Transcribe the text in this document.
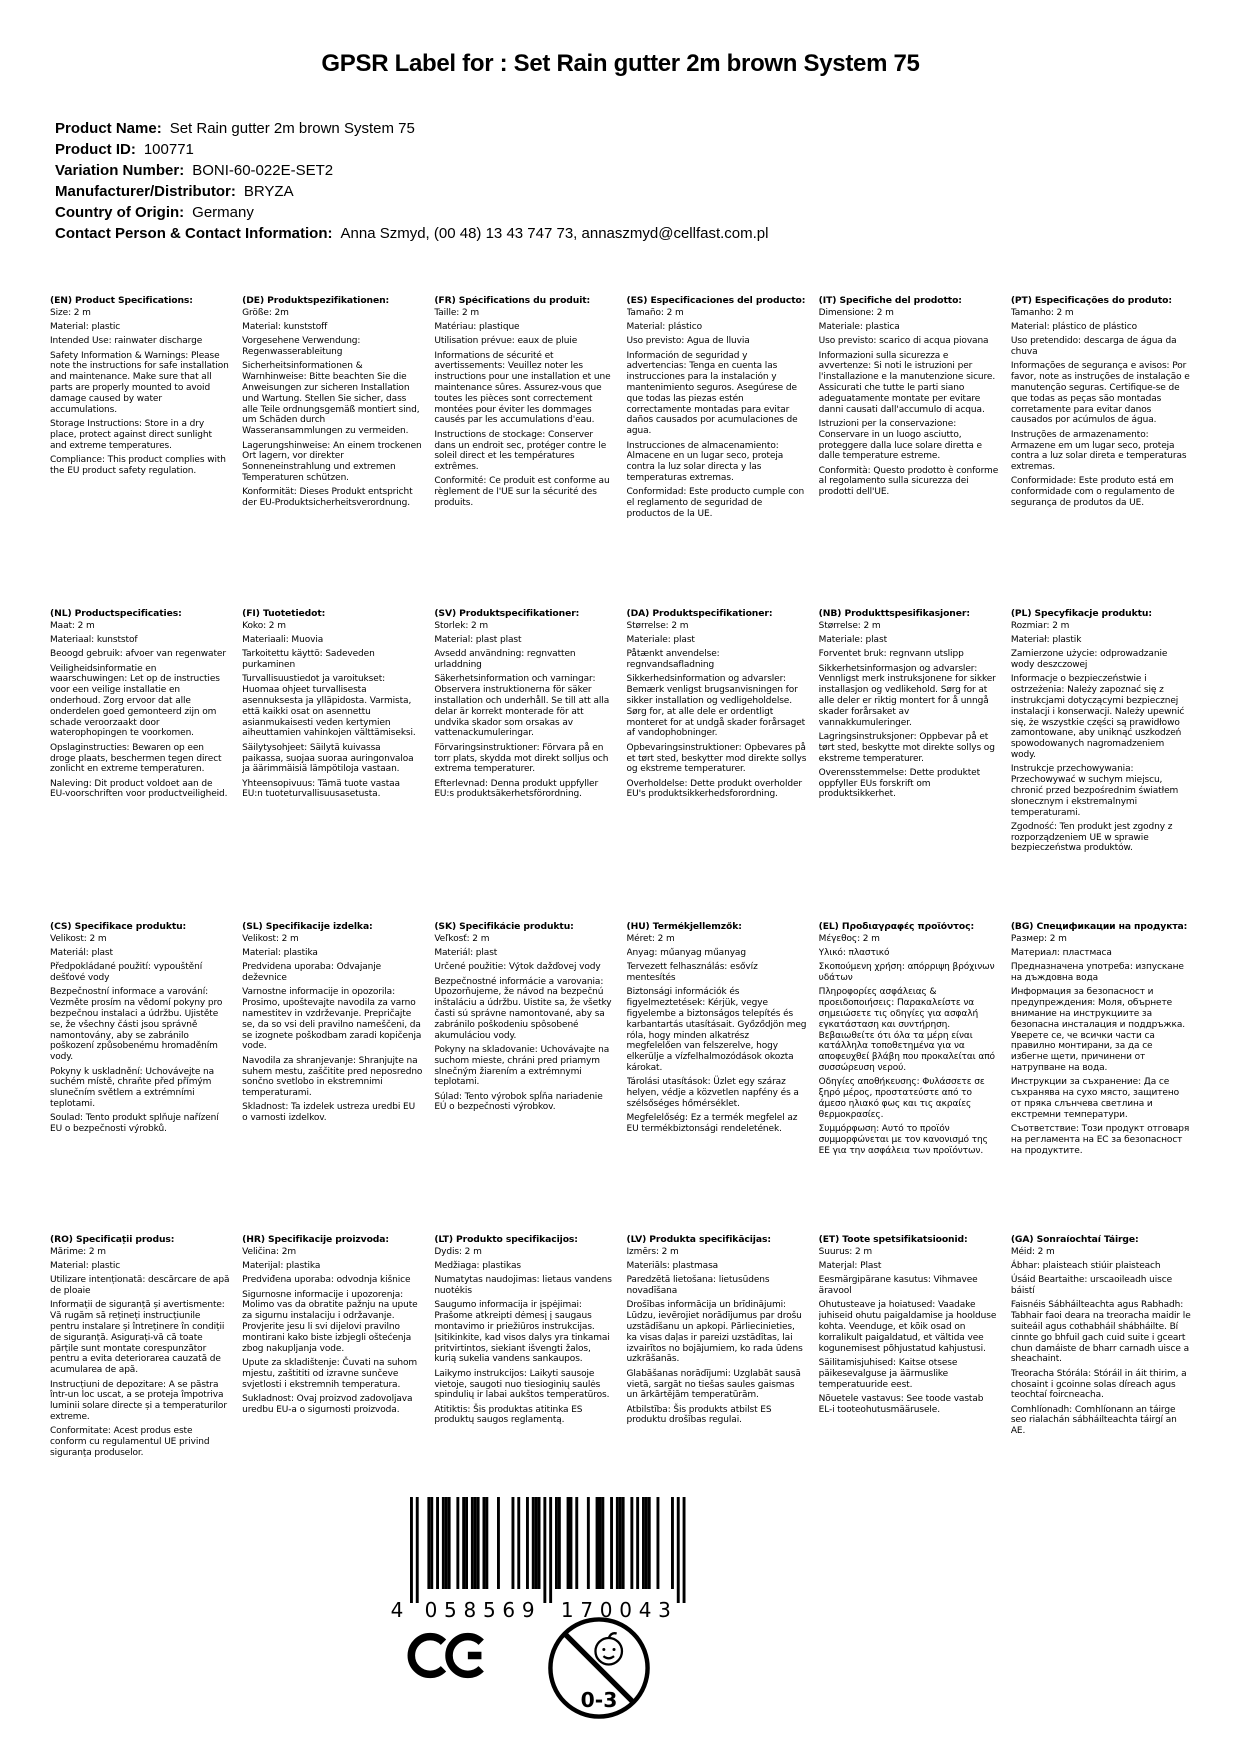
GPSR Label for : Set Rain gutter 2m brown System 75
Product Name: Set Rain gutter 2m brown System 75
Product ID: 100771
Variation Number: BONI-60-022E-SET2
Manufacturer/Distributor: BRYZA
Country of Origin: Germany
Contact Person & Contact Information: Anna Szmyd, (00 48) 13 43 747 73, annaszmyd@cellfast.com.pl
(EN) Product Specifications:

Size: 2 m

Material: plastic

Intended Use: rainwater discharge

Safety Information & Warnings: Please note the instructions for safe installation and maintenance. Make sure that all parts are properly mounted to avoid damage caused by water accumulations.

Storage Instructions: Store in a dry place, protect against direct sunlight and extreme temperatures.

Compliance: This product complies with the EU product safety regulation.

(DE) Produktspezifikationen:

Größe: 2m

Material: kunststoff

Vorgesehene Verwendung: Regenwasserableitung

Sicherheitsinformationen & Warnhinweise: Bitte beachten Sie die Anweisungen zur sicheren Installation und Wartung. Stellen Sie sicher, dass alle Teile ordnungsgemäß montiert sind, um Schäden durch Wasseransammlungen zu vermeiden.

Lagerungshinweise: An einem trockenen Ort lagern, vor direkter Sonneneinstrahlung und extremen Temperaturen schützen.

Konformität: Dieses Produkt entspricht der EU-Produktsicherheitsverordnung.

(FR) Spécifications du produit:

Taille: 2 m

Matériau: plastique

Utilisation prévue: eaux de pluie

Informations de sécurité et avertissements: Veuillez noter les instructions pour une installation et une maintenance sûres. Assurez-vous que toutes les pièces sont correctement montées pour éviter les dommages causés par les accumulations d'eau.

Instructions de stockage: Conserver dans un endroit sec, protéger contre le soleil direct et les températures extrêmes.

Conformité: Ce produit est conforme au règlement de l'UE sur la sécurité des produits.

(ES) Especificaciones del producto:

Tamaño: 2 m

Material: plástico

Uso previsto: Agua de lluvia

Información de seguridad y advertencias: Tenga en cuenta las instrucciones para la instalación y mantenimiento seguros. Asegúrese de que todas las piezas estén correctamente montadas para evitar daños causados por acumulaciones de agua.

Instrucciones de almacenamiento: Almacene en un lugar seco, proteja contra la luz solar directa y las temperaturas extremas.

Conformidad: Este producto cumple con el reglamento de seguridad de productos de la UE.

(IT) Specifiche del prodotto:

Dimensione: 2 m

Materiale: plastica

Uso previsto: scarico di acqua piovana

Informazioni sulla sicurezza e avvertenze: Si noti le istruzioni per l'installazione e la manutenzione sicure. Assicurati che tutte le parti siano adeguatamente montate per evitare danni causati dall'accumulo di acqua.

Istruzioni per la conservazione: Conservare in un luogo asciutto, proteggere dalla luce solare diretta e dalle temperature estreme.

Conformità: Questo prodotto è conforme al regolamento sulla sicurezza dei prodotti dell'UE.

(PT) Especificações do produto:

Tamanho: 2 m

Material: plástico de plástico

Uso pretendido: descarga de água da chuva

Informações de segurança e avisos: Por favor, note as instruções de instalação e manutenção seguras. Certifique-se de que todas as peças são montadas corretamente para evitar danos causados por acúmulos de água.

Instruções de armazenamento: Armazene em um lugar seco, proteja contra a luz solar direta e temperaturas extremas.

Conformidade: Este produto está em conformidade com o regulamento de segurança de produtos da UE.

(NL) Productspecificaties:

Maat: 2 m

Materiaal: kunststof

Beoogd gebruik: afvoer van regenwater

Veiligheidsinformatie en waarschuwingen: Let op de instructies voor een veilige installatie en onderhoud. Zorg ervoor dat alle onderdelen goed gemonteerd zijn om schade veroorzaakt door waterophopingen te voorkomen.

Opslaginstructies: Bewaren op een droge plaats, beschermen tegen direct zonlicht en extreme temperaturen.

Naleving: Dit product voldoet aan de EU-voorschriften voor productveiligheid.

(FI) Tuotetiedot:

Koko: 2 m

Materiaali: Muovia

Tarkoitettu käyttö: Sadeveden purkaminen

Turvallisuustiedot ja varoitukset: Huomaa ohjeet turvallisesta asennuksesta ja ylläpidosta. Varmista, että kaikki osat on asennettu asianmukaisesti veden kertymien aiheuttamien vahinkojen välttämiseksi.

Säilytysohjeet: Säilytä kuivassa paikassa, suojaa suoraa auringonvaloa ja äärimmäisiä lämpötiloja vastaan.

Yhteensopivuus: Tämä tuote vastaa EU:n tuoteturvallisuusasetusta.

(SV) Produktspecifikationer:

Storlek: 2 m

Material: plast plast

Avsedd användning: regnvatten urladdning

Säkerhetsinformation och varningar: Observera instruktionerna för säker installation och underhåll. Se till att alla delar är korrekt monterade för att undvika skador som orsakas av vattenackumuleringar.

Förvaringsinstruktioner: Förvara på en torr plats, skydda mot direkt solljus och extrema temperaturer.

Efterlevnad: Denna produkt uppfyller EU:s produktsäkerhetsförordning.

(DA) Produktspecifikationer:

Størrelse: 2 m

Materiale: plast

Påtænkt anvendelse: regnvandsafladning

Sikkerhedsinformation og advarsler: Bemærk venligst brugsanvisningen for sikker installation og vedligeholdelse. Sørg for, at alle dele er ordentligt monteret for at undgå skader forårsaget af vandophobninger.

Opbevaringsinstruktioner: Opbevares på et tørt sted, beskytter mod direkte sollys og ekstreme temperaturer.

Overholdelse: Dette produkt overholder EU's produktsikkerhedsforordning.

(NB) Produkttspesifikasjoner:

Størrelse: 2 m

Materiale: plast

Forventet bruk: regnvann utslipp

Sikkerhetsinformasjon og advarsler: Vennligst merk instruksjonene for sikker installasjon og vedlikehold. Sørg for at alle deler er riktig montert for å unngå skader forårsaket av vannakkumuleringer.

Lagringsinstruksjoner: Oppbevar på et tørt sted, beskytte mot direkte sollys og ekstreme temperaturer.

Overensstemmelse: Dette produktet oppfyller EUs forskrift om produktsikkerhet.

(PL) Specyfikacje produktu:

Rozmiar: 2 m

Materiał: plastik

Zamierzone użycie: odprowadzanie wody deszczowej

Informacje o bezpieczeństwie i ostrzeżenia: Należy zapoznać się z instrukcjami dotyczącymi bezpiecznej instalacji i konserwacji. Należy upewnić się, że wszystkie części są prawidłowo zamontowane, aby uniknąć uszkodzeń spowodowanych nagromadzeniem wody.

Instrukcje przechowywania: Przechowywać w suchym miejscu, chronić przed bezpośrednim światłem słonecznym i ekstremalnymi temperaturami.

Zgodność: Ten produkt jest zgodny z rozporządzeniem UE w sprawie bezpieczeństwa produktów.

(CS) Specifikace produktu:

Velikost: 2 m

Materiál: plast

Předpokládané použití: vypouštění dešťové vody

Bezpečnostní informace a varování: Vezměte prosím na vědomí pokyny pro bezpečnou instalaci a údržbu. Ujistěte se, že všechny části jsou správně namontovány, aby se zabránilo poškození způsobenému hromaděním vody.

Pokyny k uskladnění: Uchovávejte na suchém místě, chraňte před přímým slunečním světlem a extrémními teplotami.

Soulad: Tento produkt splňuje nařízení EU o bezpečnosti výrobků.

(SL) Specifikacije izdelka:

Velikost: 2 m

Material: plastika

Predvidena uporaba: Odvajanje deževnice

Varnostne informacije in opozorila: Prosimo, upoštevajte navodila za varno namestitev in vzdrževanje. Prepričajte se, da so vsi deli pravilno nameščeni, da se izognete poškodbam zaradi kopičenja vode.

Navodila za shranjevanje: Shranjujte na suhem mestu, zaščitite pred neposredno sončno svetlobo in ekstremnimi temperaturami.

Skladnost: Ta izdelek ustreza uredbi EU o varnosti izdelkov.

(SK) Špecifikácie produktu:

Veľkosť: 2 m

Materiál: plast

Určené použitie: Výtok dažďovej vody

Bezpečnostné informácie a varovania: Upozorňujeme, že návod na bezpečnú inštaláciu a údržbu. Uistite sa, že všetky časti sú správne namontované, aby sa zabránilo poškodeniu spôsobené akumuláciou vody.

Pokyny na skladovanie: Uchovávajte na suchom mieste, chráni pred priamym slnečným žiarením a extrémnymi teplotami.

Súlad: Tento výrobok spĺňa nariadenie EÚ o bezpečnosti výrobkov.

(HU) Termékjellemzők:

Méret: 2 m

Anyag: műanyag műanyag

Tervezett felhasználás: esővíz mentesítés

Biztonsági információk és figyelmeztetések: Kérjük, vegye figyelembe a biztonságos telepítés és karbantartás utasításait. Győződjön meg róla, hogy minden alkatrész megfelelően van felszerelve, hogy elkerülje a vízfelhalmozódások okozta károkat.

Tárolási utasítások: Üzlet egy száraz helyen, védje a közvetlen napfény és a szélsőséges hőmérséklet.

Megfelelőség: Ez a termék megfelel az EU termékbiztonsági rendeletének.

(EL) Προδιαγραφές προϊόντος:

Μέγεθος: 2 m

Υλικό: πλαστικό

Σκοπούμενη χρήση: απόρριψη βρόχινων υδάτων

Πληροφορίες ασφάλειας & προειδοποιήσεις: Παρακαλείστε να σημειώσετε τις οδηγίες για ασφαλή εγκατάσταση και συντήρηση. Βεβαιωθείτε ότι όλα τα μέρη είναι κατάλληλα τοποθετημένα για να αποφευχθεί βλάβη που προκαλείται από συσσώρευση νερού.

Οδηγίες αποθήκευσης: Φυλάσσετε σε ξηρό μέρος, προστατεύστε από το άμεσο ηλιακό φως και τις ακραίες θερμοκρασίες.

Συμμόρφωση: Αυτό το προϊόν συμμορφώνεται με τον κανονισμό της ΕΕ για την ασφάλεια των προϊόντων.

(BG) Спецификации на продукта:

Размер: 2 m

Материал: пластмаса

Предназначена употреба: изпускане на дъждовна вода

Информация за безопасност и предупреждения: Моля, обърнете внимание на инструкциите за безопасна инсталация и поддръжка. Уверете се, че всички части са правилно монтирани, за да се избегне щети, причинени от натрупване на вода.

Инструкции за съхранение: Да се съхранява на сухо място, защитено от пряка слънчева светлина и екстремни температури.

Съответствие: Този продукт отговаря на регламента на ЕС за безопасност на продуктите.

(RO) Specificații produs:

Mărime: 2 m

Material: plastic

Utilizare intenționată: descărcare de apă de ploaie

Informații de siguranță și avertismente: Vă rugăm să rețineți instrucțiunile pentru instalare și întreținere în condiții de siguranță. Asigurați-vă că toate părțile sunt montate corespunzător pentru a evita deteriorarea cauzată de acumularea de apă.

Instrucțiuni de depozitare: A se păstra într-un loc uscat, a se proteja împotriva luminii solare directe și a temperaturilor extreme.

Conformitate: Acest produs este conform cu regulamentul UE privind siguranța produselor.

(HR) Specifikacije proizvoda:

Veličina: 2m

Materijal: plastika

Predviđena uporaba: odvodnja kišnice

Sigurnosne informacije i upozorenja: Molimo vas da obratite pažnju na upute za sigurnu instalaciju i održavanje. Provjerite jesu li svi dijelovi pravilno montirani kako biste izbjegli oštećenja zbog nakupljanja vode.

Upute za skladištenje: Čuvati na suhom mjestu, zaštititi od izravne sunčeve svjetlosti i ekstremnih temperatura.

Sukladnost: Ovaj proizvod zadovoljava uredbu EU-a o sigurnosti proizvoda.

(LT) Produkto specifikacijos:

Dydis: 2 m

Medžiaga: plastikas

Numatytas naudojimas: lietaus vandens nuotėkis

Saugumo informacija ir įspėjimai: Prašome atkreipti dėmesį į saugaus montavimo ir priežiūros instrukcijas. Įsitikinkite, kad visos dalys yra tinkamai pritvirtintos, siekiant išvengti žalos, kurią sukelia vandens sankaupos.

Laikymo instrukcijos: Laikyti sausoje vietoje, saugoti nuo tiesioginių saulės spindulių ir labai aukštos temperatūros.

Atitiktis: Šis produktas atitinka ES produktų saugos reglamentą.

(LV) Produkta specifikācijas:

Izmērs: 2 m

Materiāls: plastmasa

Paredzētā lietošana: lietusūdens novadīšana

Drošības informācija un brīdinājumi: Lūdzu, ievērojiet norādījumus par drošu uzstādīšanu un apkopi. Pārliecinieties, ka visas daļas ir pareizi uzstādītas, lai izvairītos no bojājumiem, ko rada ūdens uzkrāšanās.

Glabāšanas norādījumi: Uzglabāt sausā vietā, sargāt no tiešas saules gaismas un ārkārtējām temperatūrām.

Atbilstība: Šis produkts atbilst ES produktu drošības regulai.

(ET) Toote spetsifikatsioonid:

Suurus: 2 m

Materjal: Plast

Eesmärgipärane kasutus: Vihmavee äravool

Ohutusteave ja hoiatused: Vaadake juhiseid ohutu paigaldamise ja hoolduse kohta. Veenduge, et kõik osad on korralikult paigaldatud, et vältida vee kogunemisest põhjustatud kahjustusi.

Säilitamisjuhised: Kaitse otsese päikesevalguse ja äärmuslike temperatuuride eest.

Nõuetele vastavus: See toode vastab EL-i tooteohutusmäärusele.

(GA) Sonraíochtaí Táirge:

Méid: 2 m

Ábhar: plaisteach stiúir plaisteach

Úsáid Beartaithe: urscaoileadh uisce báistí

Faisnéis Sábháilteachta agus Rabhadh: Tabhair faoi deara na treoracha maidir le suiteáil agus cothabháil shábháilte. Bí cinnte go bhfuil gach cuid suite i gceart chun damáiste de bharr carnadh uisce a sheachaint.

Treoracha Stórála: Stóráil in áit thirim, a chosaint i gcoinne solas díreach agus teochtaí foircneacha.

Comhlíonadh: Comhlíonann an táirge seo rialachán sábháilteachta táirgí an AE.

4 058569 170043
0-3
